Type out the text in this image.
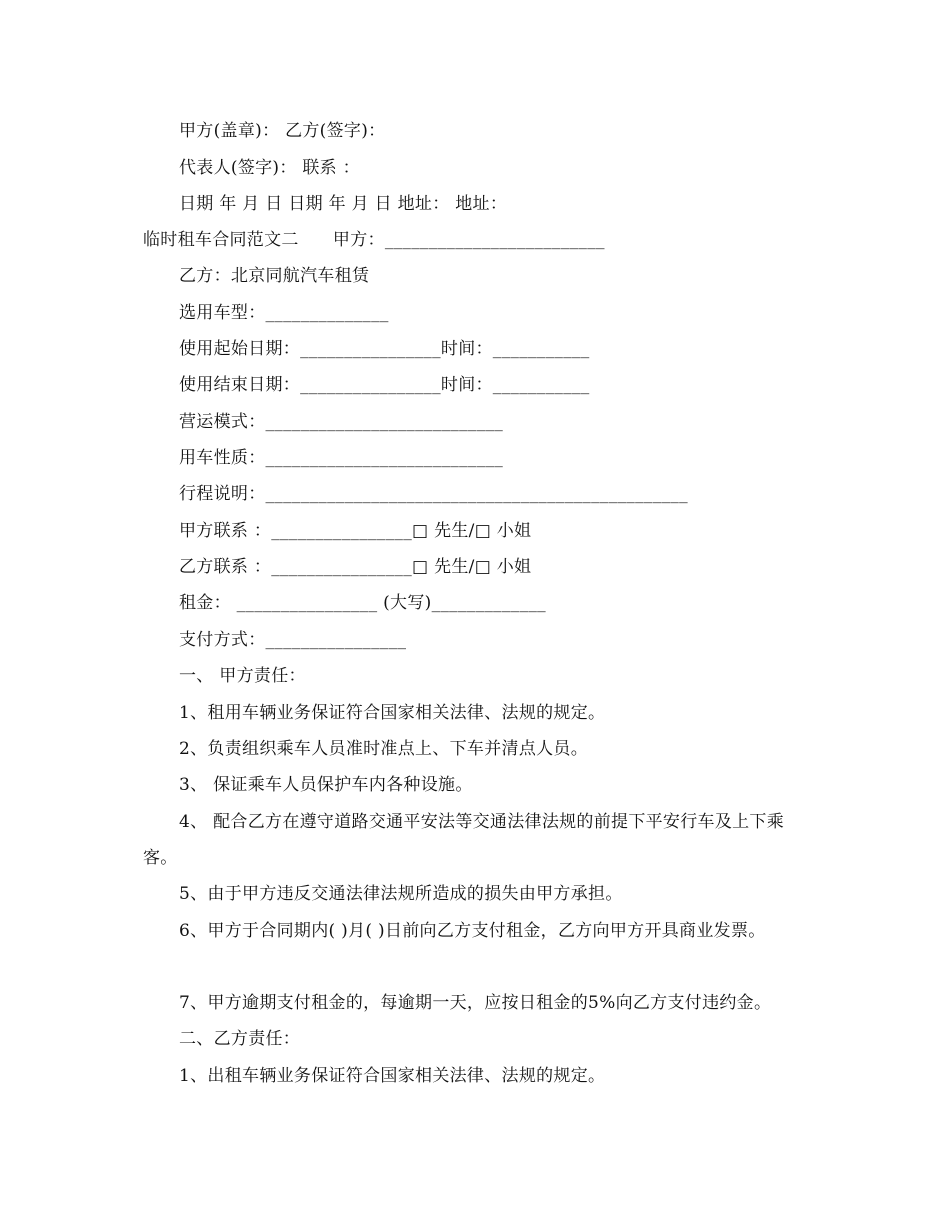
甲方(盖章)： 乙方(签字)：
代表人(签字)： 联系 ：
日期 年 月 日 日期 年 月 日 地址： 地址：
临时租车合同范文二      甲方：_________________________
乙方：北京同航汽车租赁
选用车型：______________
使用起始日期：________________时间：___________
使用结束日期：________________时间：___________
营运模式：___________________________
用车性质：___________________________
行程说明：________________________________________________
甲方联系 ：________________□ 先生/□ 小姐
乙方联系 ：________________□ 先生/□ 小姐
租金： ________________ (大写)_____________
支付方式：________________
一、 甲方责任：
1、租用车辆业务保证符合国家相关法律、法规的规定。
2、负责组织乘车人员准时准点上、下车并清点人员。
3、 保证乘车人员保护车内各种设施。
4、 配合乙方在遵守道路交通平安法等交通法律法规的前提下平安行车及上下乘客。
5、由于甲方违反交通法律法规所造成的损失由甲方承担。
6、甲方于合同期内( )月( )日前向乙方支付租金，乙方向甲方开具商业发票。
7、甲方逾期支付租金的，每逾期一天，应按日租金的5%向乙方支付违约金。
二、乙方责任：
1、出租车辆业务保证符合国家相关法律、法规的规定。
